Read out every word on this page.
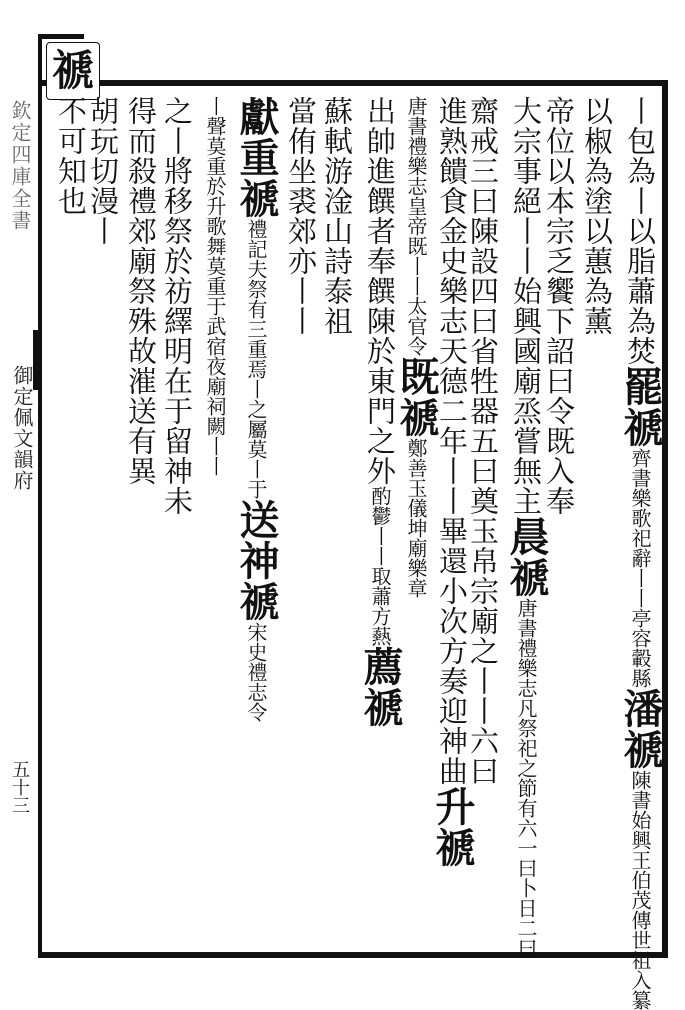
欽定四庫全書
御定佩文韻府
五十三
禠
丨包為丨以脂蕭為焚罷禠齊書樂歌祀辭丨丨亭容轂縣潘禠陳書始興王伯茂傳世祖入纂
以椒為塗以蕙為薰
帝位以本宗乏饗下詔曰令既入奉
大宗事絕丨丨始興國廟烝嘗無主晨禠唐書禮樂志凡祭祀之節有六一曰卜日二曰
齋戒三曰陳設四曰省牲器五曰奠玉帛宗廟之丨丨六曰
進熟饋食金史樂志天德二年丨丨畢還小次方奏迎神曲升禠
唐書禮樂志皇帝既丨丨太官令既禠鄭善玉儀坤廟樂章
出帥進饌者奉饌陳於東門之外酌鬱丨丨取蕭方爇薦禠
蘇軾游淦山詩泰祖
當侑坐裘郊亦丨丨
獻重禠禮記夫祭有三重焉丨之屬莫丨于送神禠宋史禮志令
丨聲莫重於升歌舞莫重于武宿夜廟祠闕丨丨
之丨將移祭於祊繹明在于留神未
得而殺禮郊廟祭殊故漼送有異
胡玩切漫丨
不可知也
